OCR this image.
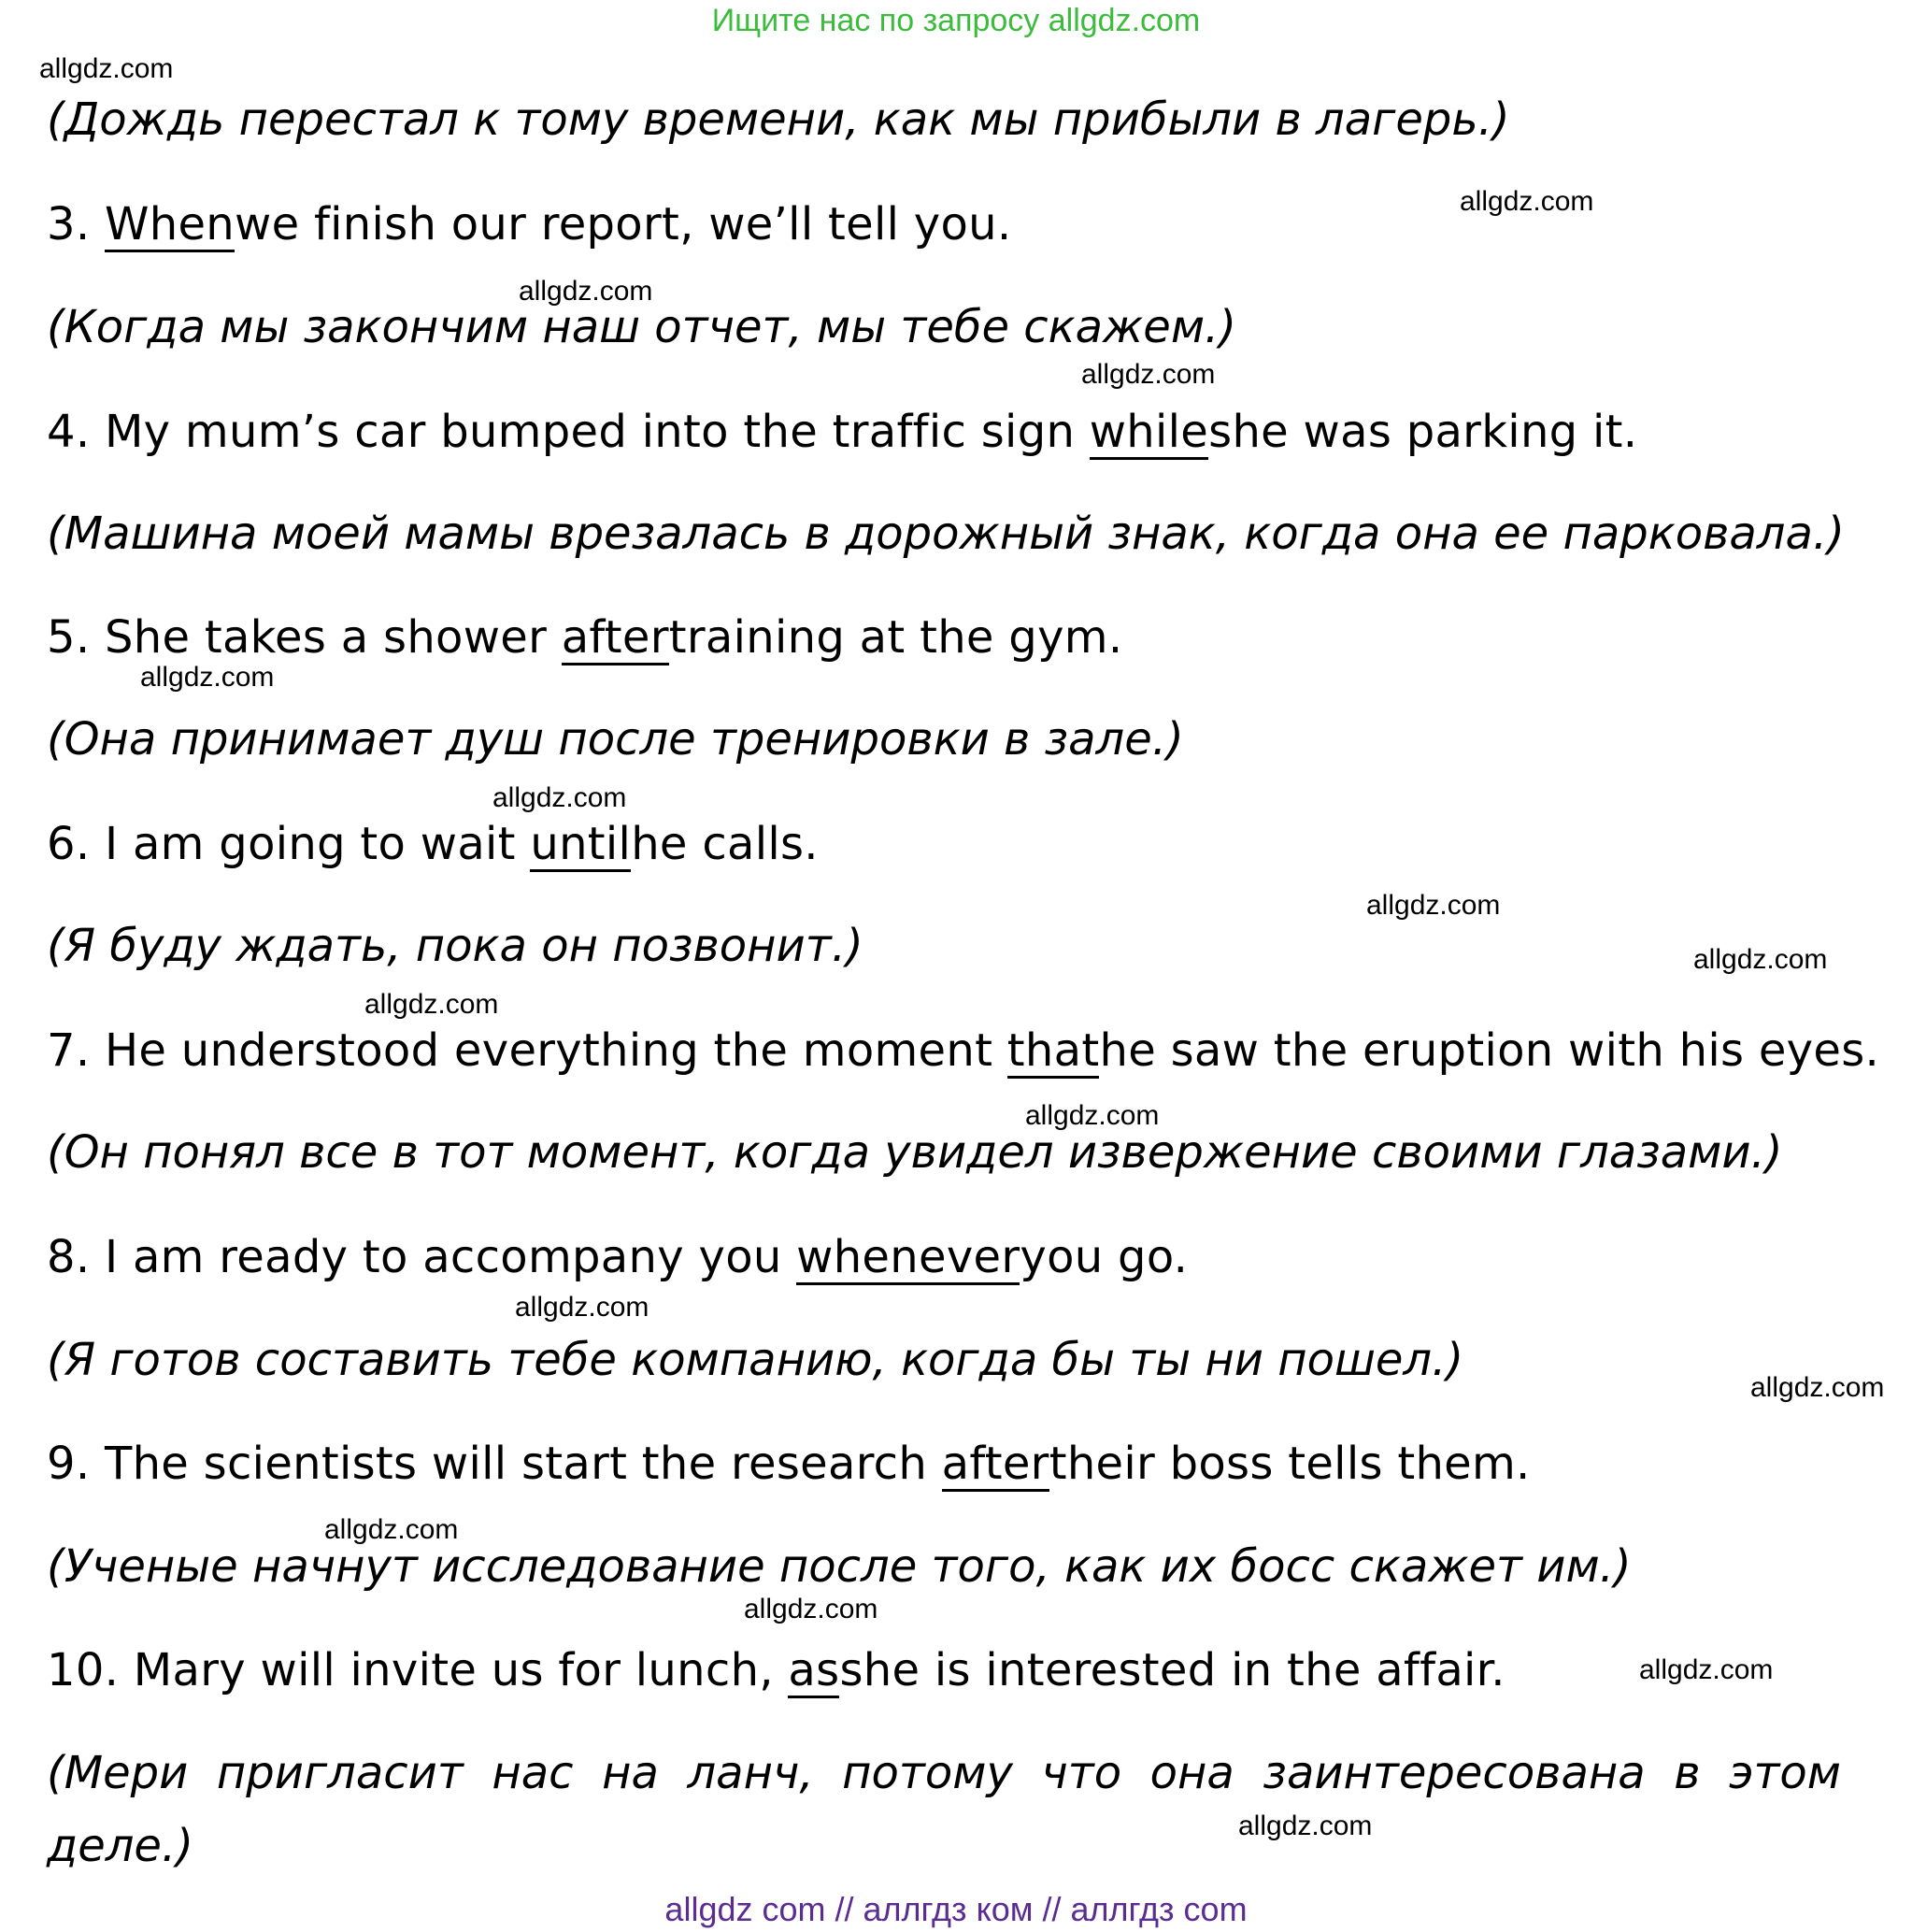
Ищите нас по запросу allgdz.com
allgdz.com
allgdz.com
allgdz.com
allgdz.com
allgdz.com
allgdz.com
allgdz.com
allgdz.com
allgdz.com
allgdz.com
allgdz.com
allgdz.com
allgdz.com
allgdz.com
allgdz.com
allgdz.com
(Дождь перестал к тому времени, как мы прибыли в лагерь.)
3. Whenwe finish our report, we’ll tell you.
(Когда мы закончим наш отчет, мы тебе скажем.)
4. My mum’s car bumped into the traffic sign whileshe was parking it.
(Машина моей мамы врезалась в дорожный знак, когда она ее парковала.)
5. She takes a shower aftertraining at the gym.
(Она принимает душ после тренировки в зале.)
6. I am going to wait untilhe calls.
(Я буду ждать, пока он позвонит.)
7. He understood everything the moment thathe saw the eruption with his eyes.
(Он понял все в тот момент, когда увидел извержение своими глазами.)
8. I am ready to accompany you wheneveryou go.
(Я готов составить тебе компанию, когда бы ты ни пошел.)
9. The scientists will start the research aftertheir boss tells them.
(Ученые начнут исследование после того, как их босс скажет им.)
10. Mary will invite us for lunch, asshe is interested in the affair.
(Мери пригласит нас на ланч, потому что она заинтересована в этом
деле.)
allgdz com // аллгдз ком // аллгдз com
